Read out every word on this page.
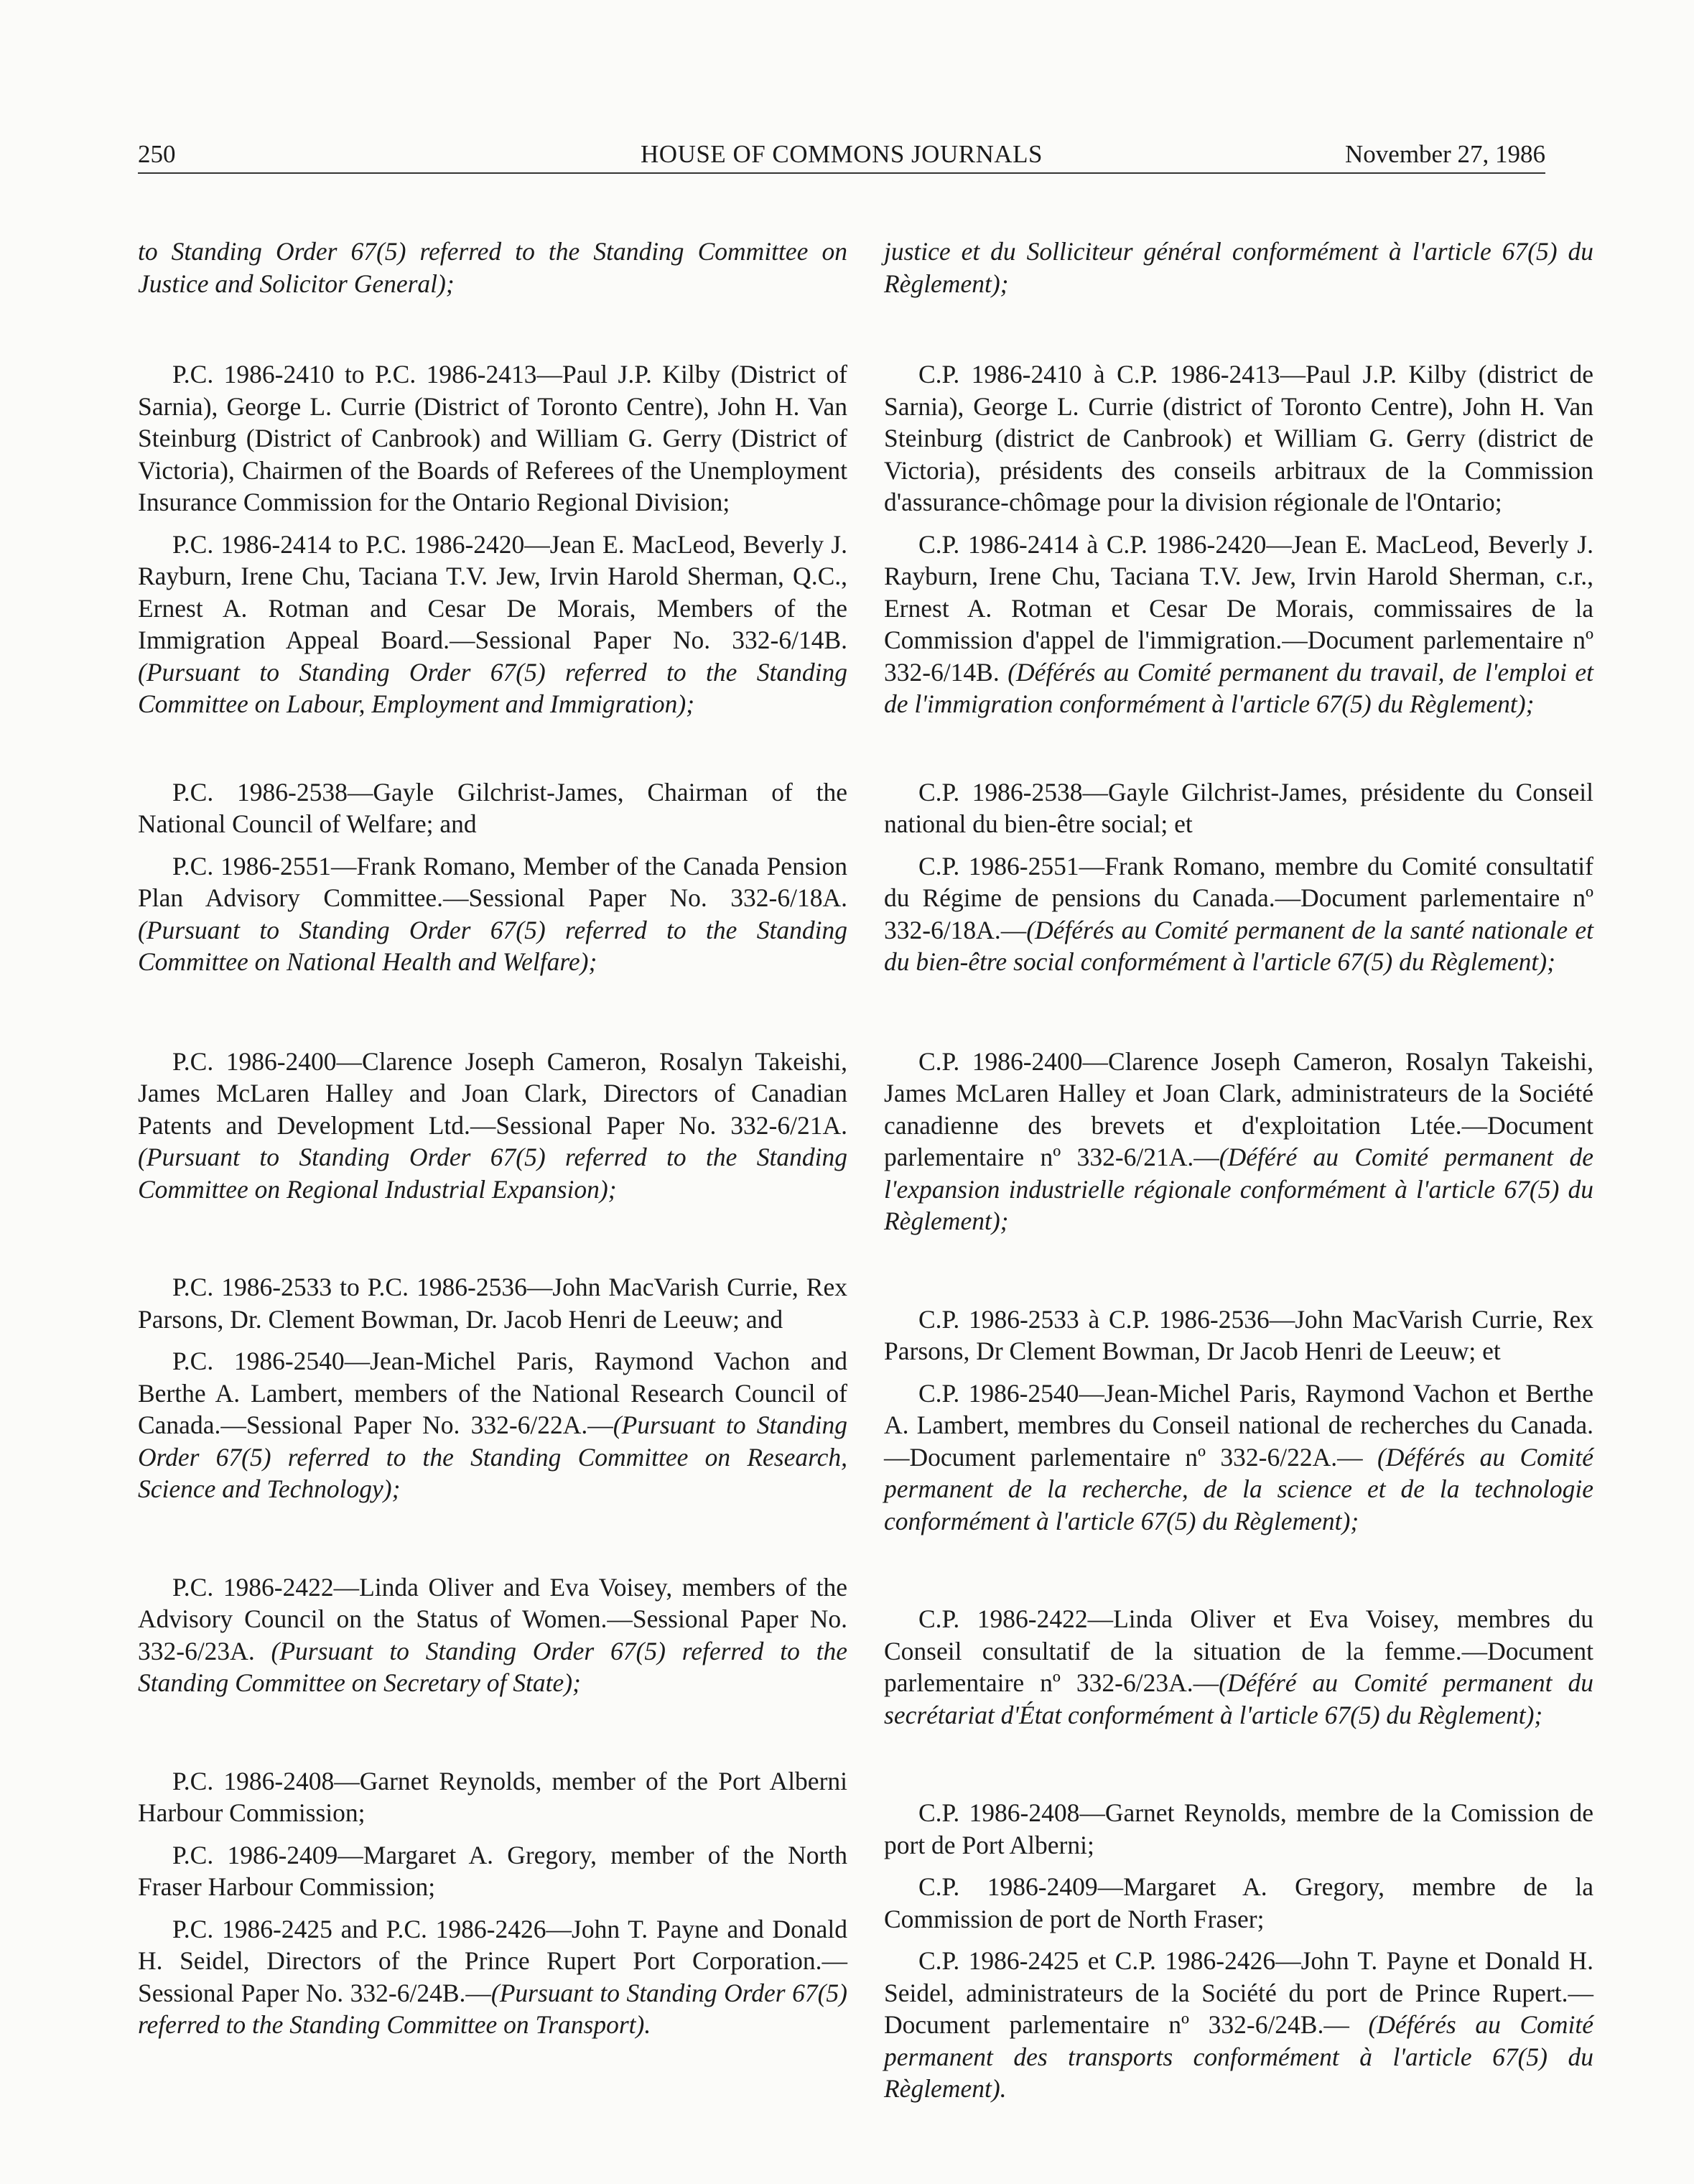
250	HOUSE OF COMMONS JOURNALS	November 27, 1986

to Standing Order 67(5) referred to the Standing Committee on Justice and Solicitor General);

P.C. 1986-2410 to P.C. 1986-2413—Paul J.P. Kilby (District of Sarnia), George L. Currie (District of Toronto Centre), John H. Van Steinburg (District of Canbrook) and William G. Gerry (District of Victoria), Chairmen of the Boards of Referees of the Unemployment Insurance Commission for the Ontario Regional Division;

P.C. 1986-2414 to P.C. 1986-2420—Jean E. MacLeod, Beverly J. Rayburn, Irene Chu, Taciana T.V. Jew, Irvin Harold Sherman, Q.C., Ernest A. Rotman and Cesar De Morais, Members of the Immigration Appeal Board.—Sessional Paper No. 332-6/14B. (Pursuant to Standing Order 67(5) referred to the Standing Committee on Labour, Employment and Immigration);

P.C. 1986-2538—Gayle Gilchrist-James, Chairman of the National Council of Welfare; and

P.C. 1986-2551—Frank Romano, Member of the Canada Pension Plan Advisory Committee.—Sessional Paper No. 332-6/18A. (Pursuant to Standing Order 67(5) referred to the Standing Committee on National Health and Welfare);

P.C. 1986-2400—Clarence Joseph Cameron, Rosalyn Takeishi, James McLaren Halley and Joan Clark, Directors of Canadian Patents and Development Ltd.—Sessional Paper No. 332-6/21A. (Pursuant to Standing Order 67(5) referred to the Standing Committee on Regional Industrial Expansion);

P.C. 1986-2533 to P.C. 1986-2536—John MacVarish Currie, Rex Parsons, Dr. Clement Bowman, Dr. Jacob Henri de Leeuw; and

P.C. 1986-2540—Jean-Michel Paris, Raymond Vachon and Berthe A. Lambert, members of the National Research Council of Canada.—Sessional Paper No. 332-6/22A.—(Pursuant to Standing Order 67(5) referred to the Standing Committee on Research, Science and Technology);

P.C. 1986-2422—Linda Oliver and Eva Voisey, members of the Advisory Council on the Status of Women.—Sessional Paper No. 332-6/23A. (Pursuant to Standing Order 67(5) referred to the Standing Committee on Secretary of State);

P.C. 1986-2408—Garnet Reynolds, member of the Port Alberni Harbour Commission;

P.C. 1986-2409—Margaret A. Gregory, member of the North Fraser Harbour Commission;

P.C. 1986-2425 and P.C. 1986-2426—John T. Payne and Donald H. Seidel, Directors of the Prince Rupert Port Corporation.—Sessional Paper No. 332-6/24B.—(Pursuant to Standing Order 67(5) referred to the Standing Committee on Transport).

justice et du Solliciteur général conformément à l'article 67(5) du Règlement);

C.P. 1986-2410 à C.P. 1986-2413—Paul J.P. Kilby (district de Sarnia), George L. Currie (district of Toronto Centre), John H. Van Steinburg (district de Canbrook) et William G. Gerry (district de Victoria), présidents des conseils arbitraux de la Commission d'assurance-chômage pour la division régionale de l'Ontario;

C.P. 1986-2414 à C.P. 1986-2420—Jean E. MacLeod, Beverly J. Rayburn, Irene Chu, Taciana T.V. Jew, Irvin Harold Sherman, c.r., Ernest A. Rotman et Cesar De Morais, commissaires de la Commission d'appel de l'immigration.—Document parlementaire nº 332-6/14B. (Déférés au Comité permanent du travail, de l'emploi et de l'immigration conformément à l'article 67(5) du Règlement);

C.P. 1986-2538—Gayle Gilchrist-James, présidente du Conseil national du bien-être social; et

C.P. 1986-2551—Frank Romano, membre du Comité consultatif du Régime de pensions du Canada.—Document parlementaire nº 332-6/18A.—(Déférés au Comité permanent de la santé nationale et du bien-être social conformément à l'article 67(5) du Règlement);

C.P. 1986-2400—Clarence Joseph Cameron, Rosalyn Takeishi, James McLaren Halley et Joan Clark, administrateurs de la Société canadienne des brevets et d'exploitation Ltée.—Document parlementaire nº 332-6/21A.—(Déféré au Comité permanent de l'expansion industrielle régionale conformément à l'article 67(5) du Règlement);

C.P. 1986-2533 à C.P. 1986-2536—John MacVarish Currie, Rex Parsons, Dr Clement Bowman, Dr Jacob Henri de Leeuw; et

C.P. 1986-2540—Jean-Michel Paris, Raymond Vachon et Berthe A. Lambert, membres du Conseil national de recherches du Canada.—Document parlementaire nº 332-6/22A.— (Déférés au Comité permanent de la recherche, de la science et de la technologie conformément à l'article 67(5) du Règlement);

C.P. 1986-2422—Linda Oliver et Eva Voisey, membres du Conseil consultatif de la situation de la femme.—Document parlementaire nº 332-6/23A.—(Déféré au Comité permanent du secrétariat d'État conformément à l'article 67(5) du Règlement);

C.P. 1986-2408—Garnet Reynolds, membre de la Comission de port de Port Alberni;

C.P. 1986-2409—Margaret A. Gregory, membre de la Commission de port de North Fraser;

C.P. 1986-2425 et C.P. 1986-2426—John T. Payne et Donald H. Seidel, administrateurs de la Société du port de Prince Rupert.—Document parlementaire nº 332-6/24B.— (Déférés au Comité permanent des transports conformément à l'article 67(5) du Règlement).
